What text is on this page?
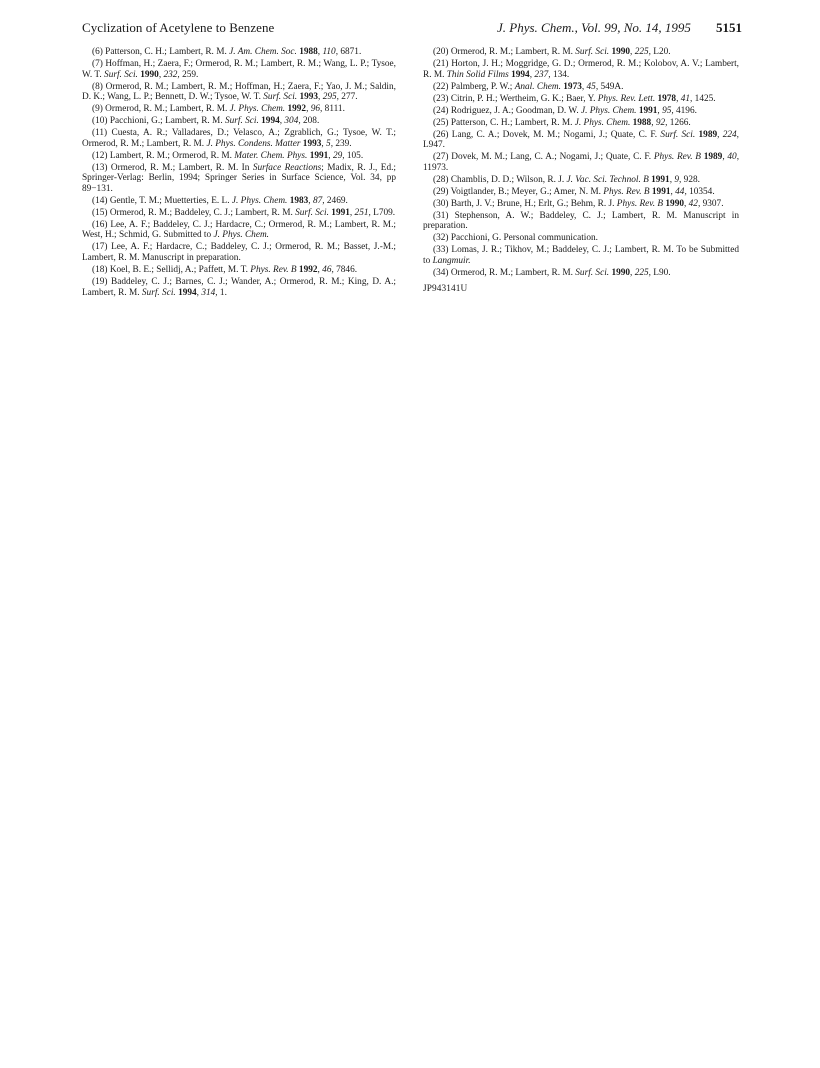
Cyclization of Acetylene to Benzene	J. Phys. Chem., Vol. 99, No. 14, 1995 5151

(6) Patterson, C. H.; Lambert, R. M. J. Am. Chem. Soc. 1988, 110, 6871.

(7) Hoffman, H.; Zaera, F.; Ormerod, R. M.; Lambert, R. M.; Wang, L. P.; Tysoe, W. T. Surf. Sci. 1990, 232, 259.

(8) Ormerod, R. M.; Lambert, R. M.; Hoffman, H.; Zaera, F.; Yao, J. M.; Saldin, D. K.; Wang, L. P.; Bennett, D. W.; Tysoe, W. T. Surf. Sci. 1993, 295, 277.

(9) Ormerod, R. M.; Lambert, R. M. J. Phys. Chem. 1992, 96, 8111.

(10) Pacchioni, G.; Lambert, R. M. Surf. Sci. 1994, 304, 208.

(11) Cuesta, A. R.; Valladares, D.; Velasco, A.; Zgrablich, G.; Tysoe, W. T.; Ormerod, R. M.; Lambert, R. M. J. Phys. Condens. Matter 1993, 5, 239.

(12) Lambert, R. M.; Ormerod, R. M. Mater. Chem. Phys. 1991, 29, 105.

(13) Ormerod, R. M.; Lambert, R. M. In Surface Reactions; Madix, R. J., Ed.; Springer-Verlag: Berlin, 1994; Springer Series in Surface Science, Vol. 34, pp 89−131.

(14) Gentle, T. M.; Muetterties, E. L. J. Phys. Chem. 1983, 87, 2469.

(15) Ormerod, R. M.; Baddeley, C. J.; Lambert, R. M. Surf. Sci. 1991, 251, L709.

(16) Lee, A. F.; Baddeley, C. J.; Hardacre, C.; Ormerod, R. M.; Lambert, R. M.; West, H.; Schmid, G. Submitted to J. Phys. Chem.

(17) Lee, A. F.; Hardacre, C.; Baddeley, C. J.; Ormerod, R. M.; Basset, J.-M.; Lambert, R. M. Manuscript in preparation.

(18) Koel, B. E.; Sellidj, A.; Paffett, M. T. Phys. Rev. B 1992, 46, 7846.

(19) Baddeley, C. J.; Barnes, C. J.; Wander, A.; Ormerod, R. M.; King, D. A.; Lambert, R. M. Surf. Sci. 1994, 314, 1.

(20) Ormerod, R. M.; Lambert, R. M. Surf. Sci. 1990, 225, L20.

(21) Horton, J. H.; Moggridge, G. D.; Ormerod, R. M.; Kolobov, A. V.; Lambert, R. M. Thin Solid Films 1994, 237, 134.

(22) Palmberg, P. W.; Anal. Chem. 1973, 45, 549A.

(23) Citrin, P. H.; Wertheim, G. K.; Baer, Y. Phys. Rev. Lett. 1978, 41, 1425.

(24) Rodriguez, J. A.; Goodman, D. W. J. Phys. Chem. 1991, 95, 4196.

(25) Patterson, C. H.; Lambert, R. M. J. Phys. Chem. 1988, 92, 1266.

(26) Lang, C. A.; Dovek, M. M.; Nogami, J.; Quate, C. F. Surf. Sci. 1989, 224, L947.

(27) Dovek, M. M.; Lang, C. A.; Nogami, J.; Quate, C. F. Phys. Rev. B 1989, 40, 11973.

(28) Chamblis, D. D.; Wilson, R. J. J. Vac. Sci. Technol. B 1991, 9, 928.

(29) Voigtlander, B.; Meyer, G.; Amer, N. M. Phys. Rev. B 1991, 44, 10354.

(30) Barth, J. V.; Brune, H.; Erlt, G.; Behm, R. J. Phys. Rev. B 1990, 42, 9307.

(31) Stephenson, A. W.; Baddeley, C. J.; Lambert, R. M. Manuscript in preparation.

(32) Pacchioni, G. Personal communication.

(33) Lomas, J. R.; Tikhov, M.; Baddeley, C. J.; Lambert, R. M. To be Submitted to Langmuir.

(34) Ormerod, R. M.; Lambert, R. M. Surf. Sci. 1990, 225, L90.

JP943141U
